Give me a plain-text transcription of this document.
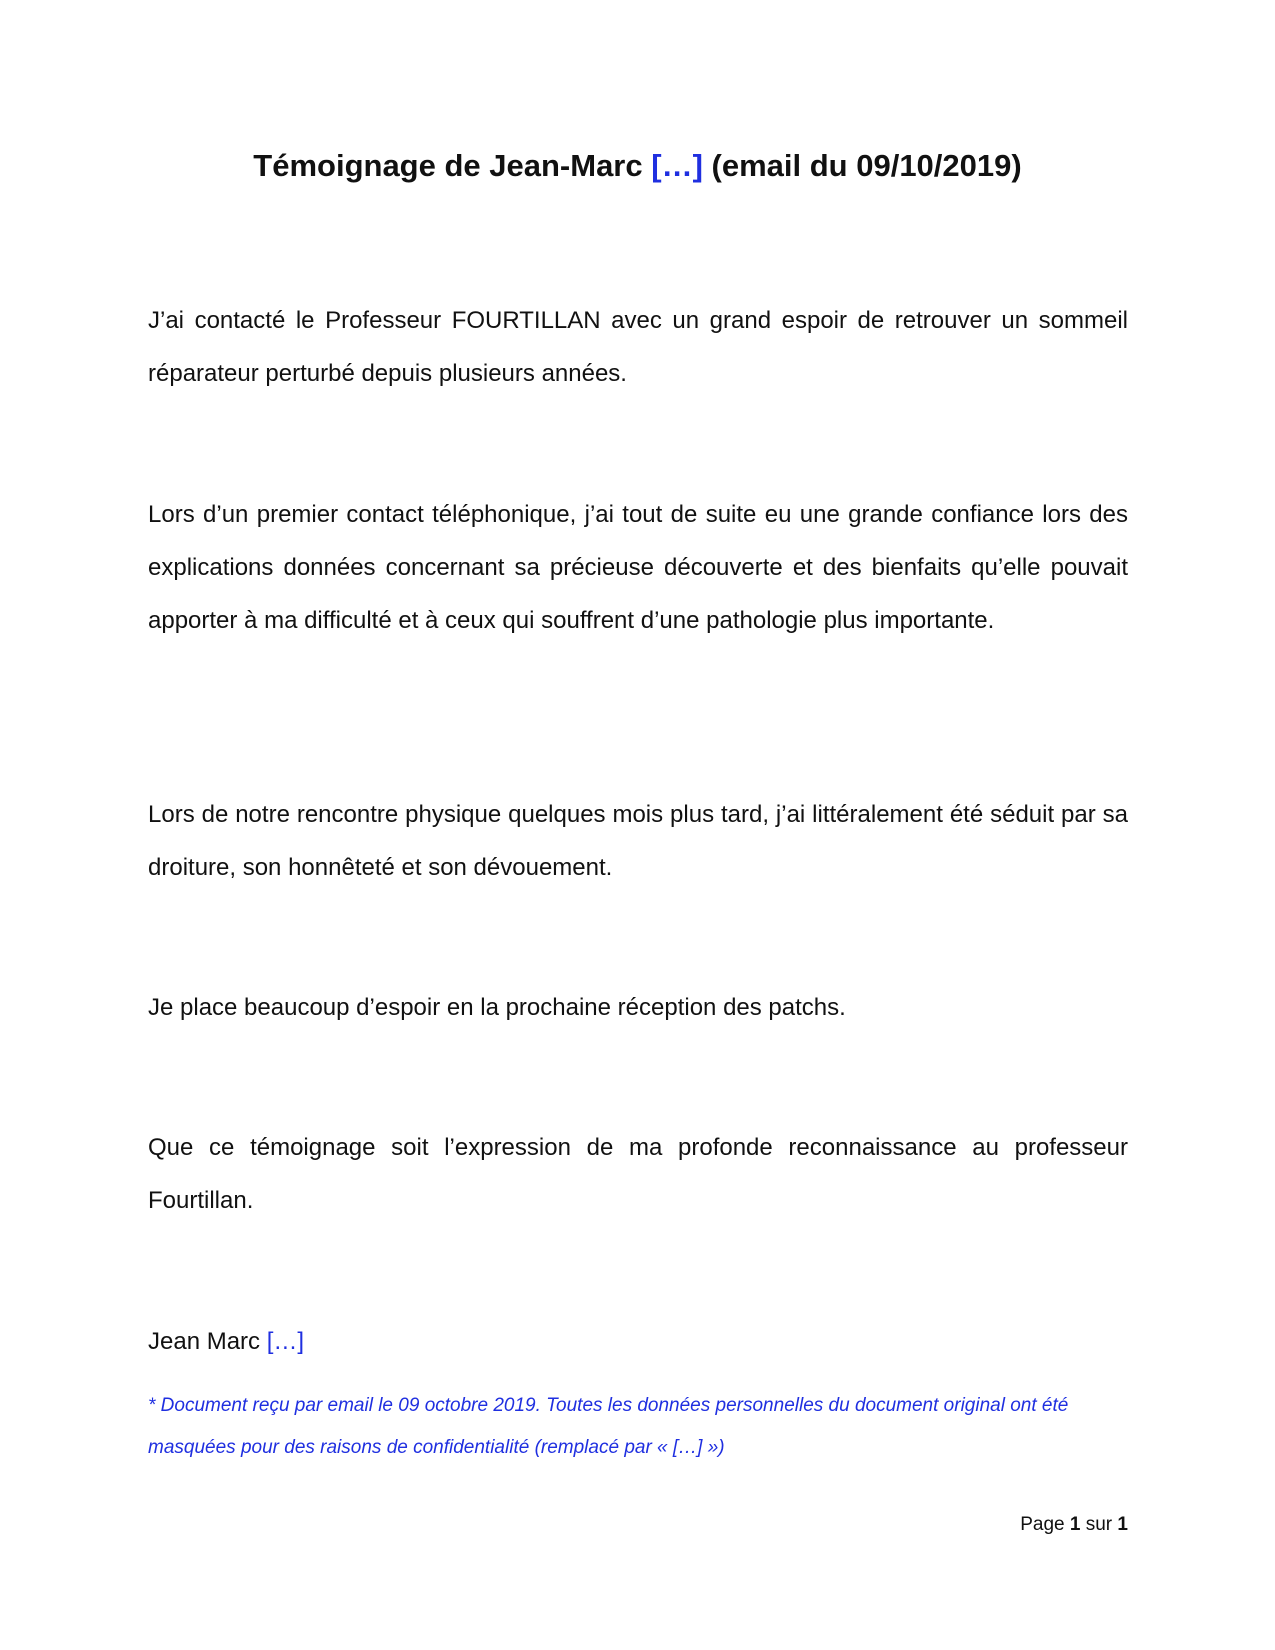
Témoignage de Jean-Marc […] (email du 09/10/2019)

J’ai contacté le Professeur FOURTILLAN avec un grand espoir de retrouver un sommeil réparateur perturbé depuis plusieurs années.

Lors d’un premier contact téléphonique, j’ai tout de suite eu une grande confiance lors des explications données concernant sa précieuse découverte et des bienfaits qu’elle pouvait apporter à ma difficulté et à ceux qui souffrent d’une pathologie plus importante.

Lors de notre rencontre physique quelques mois plus tard, j’ai littéralement été séduit par sa droiture, son honnêteté et son dévouement.

Je place beaucoup d’espoir en la prochaine réception des patchs.

Que ce témoignage soit l’expression de ma profonde reconnaissance au professeur Fourtillan.

Jean Marc […]

* Document reçu par email le 09 octobre 2019. Toutes les données personnelles du document original ont été masquées pour des raisons de confidentialité (remplacé par « […] »)

Page 1 sur 1
